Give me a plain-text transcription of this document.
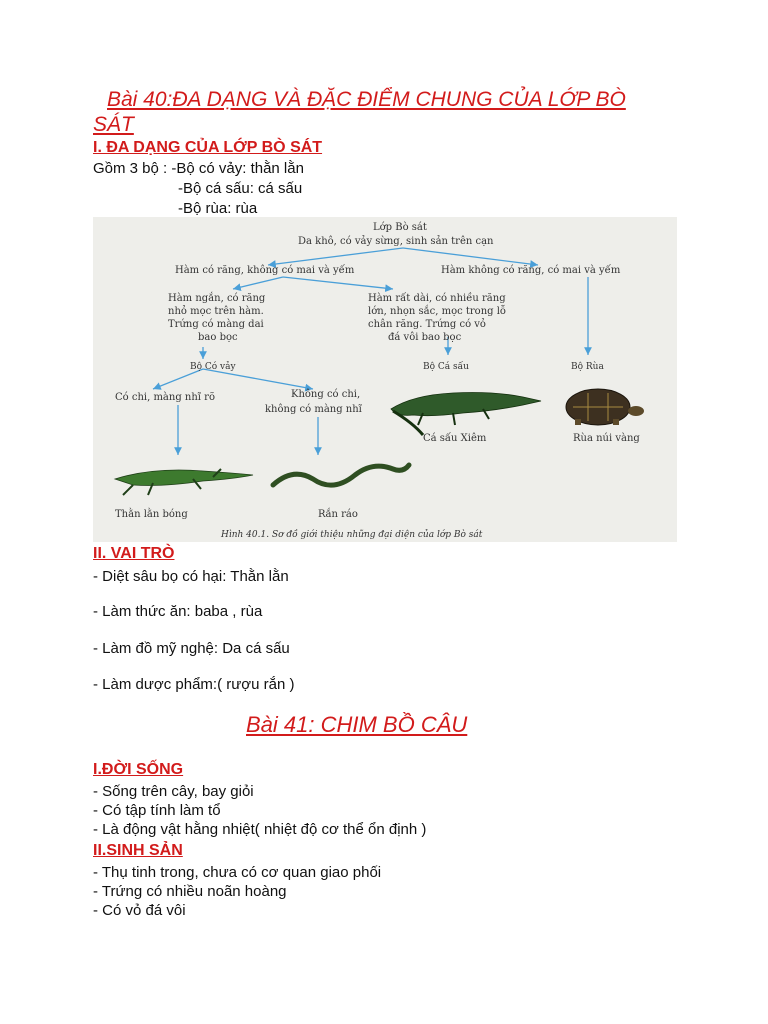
Bài 40:ĐA DẠNG VÀ ĐẶC ĐIỂM CHUNG CỦA LỚP BÒ
SÁT
I. ĐA DẠNG CỦA LỚP BÒ SÁT
Gồm 3 bộ : -Bộ có vảy: thằn lằn
-Bộ cá sấu: cá sấu
-Bộ rùa: rùa
Lớp Bò sát
Da khô, có vảy sừng, sinh sản trên cạn
Hàm có răng, không có mai và yếm	Hàm không có răng, có mai và yếm
Hàm ngắn, có răng
nhỏ mọc trên hàm.
Trứng có màng dai
bao bọc
Hàm rất dài, có nhiều răng
lớn, nhọn sắc, mọc trong lỗ
chân răng. Trứng có vỏ
đá vôi bao bọc
Bộ Có vảy	Bộ Cá sấu	Bộ Rùa
Có chi, màng nhĩ rõ	Không có chi,
không có màng nhĩ
Cá sấu Xiêm	Rùa núi vàng
Thằn lằn bóng	Rắn ráo
Hình 40.1. Sơ đồ giới thiệu những đại diện của lớp Bò sát
II. VAI TRÒ
- Diệt sâu bọ có hại: Thằn lằn
- Làm thức ăn: baba , rùa
- Làm đồ mỹ nghệ: Da cá sấu
- Làm dược phẩm:( rượu rắn )
Bài 41: CHIM BỒ CÂU
I.ĐỜI SỐNG
- Sống trên cây, bay giỏi
- Có tập tính làm tổ
- Là động vật hằng nhiệt( nhiệt độ cơ thể ổn định )
II.SINH SẢN
- Thụ tinh trong, chưa có cơ quan giao phối
- Trứng có nhiều noãn hoàng
- Có vỏ đá vôi
